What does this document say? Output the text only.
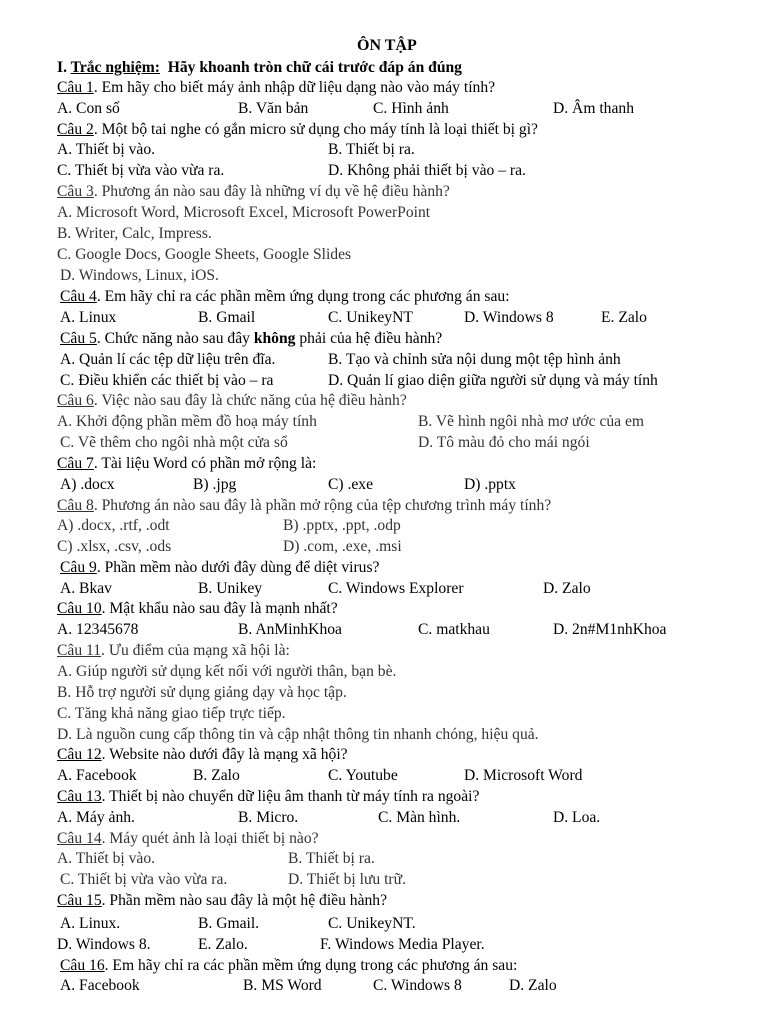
ÔN TẬP
I. Trắc nghiệm: Hãy khoanh tròn chữ cái trước đáp án đúng
Câu 1. Em hãy cho biết máy ảnh nhập dữ liệu dạng nào vào máy tính?
A. Con số	B. Văn bản	C. Hình ảnh	D. Âm thanh
Câu 2. Một bộ tai nghe có gắn micro sử dụng cho máy tính là loại thiết bị gì?
A. Thiết bị vào.	B. Thiết bị ra.
C. Thiết bị vừa vào vừa ra.	D. Không phải thiết bị vào – ra.
Câu 3. Phương án nào sau đây là những ví dụ về hệ điều hành?
A. Microsoft Word, Microsoft Excel, Microsoft PowerPoint
B. Writer, Calc, Impress.
C. Google Docs, Google Sheets, Google Slides
D. Windows, Linux, iOS.
Câu 4. Em hãy chỉ ra các phần mềm ứng dụng trong các phương án sau:
A. Linux	B. Gmail	C. UnikeyNT	D. Windows 8	E. Zalo
Câu 5. Chức năng nào sau đây không phải của hệ điều hành?
A. Quản lí các tệp dữ liệu trên đĩa.	B. Tạo và chỉnh sửa nội dung một tệp hình ảnh
C. Điều khiển các thiết bị vào – ra	D. Quản lí giao diện giữa người sử dụng và máy tính
Câu 6. Việc nào sau đây là chức năng của hệ điều hành?
A. Khởi động phần mềm đồ hoạ máy tính	B. Vẽ hình ngôi nhà mơ ước của em
C. Vẽ thêm cho ngôi nhà một cửa sổ	D. Tô màu đỏ cho mái ngói
Câu 7. Tài liệu Word có phần mở rộng là:
A) .docx	B) .jpg	C) .exe	D) .pptx
Câu 8. Phương án nào sau đây là phần mở rộng của tệp chương trình máy tính?
A) .docx, .rtf, .odt	B) .pptx, .ppt, .odp
C) .xlsx, .csv, .ods	D) .com, .exe, .msi
Câu 9. Phần mềm nào dưới đây dùng để diệt virus?
A. Bkav	B. Unikey	C. Windows Explorer	D. Zalo
Câu 10. Mật khẩu nào sau đây là mạnh nhất?
A. 12345678	B. AnMinhKhoa	C. matkhau	D. 2n#M1nhKhoa
Câu 11. Ưu điểm của mạng xã hội là:
A. Giúp người sử dụng kết nối với người thân, bạn bè.
B. Hỗ trợ người sử dụng giảng dạy và học tập.
C. Tăng khả năng giao tiếp trực tiếp.
D. Là nguồn cung cấp thông tin và cập nhật thông tin nhanh chóng, hiệu quả.
Câu 12. Website nào dưới đây là mạng xã hội?
A. Facebook	B. Zalo	C. Youtube	D. Microsoft Word
Câu 13. Thiết bị nào chuyển dữ liệu âm thanh từ máy tính ra ngoài?
A. Máy ảnh.	B. Micro.	C. Màn hình.	D. Loa.
Câu 14. Máy quét ảnh là loại thiết bị nào?
A. Thiết bị vào.	B. Thiết bị ra.
C. Thiết bị vừa vào vừa ra.	D. Thiết bị lưu trữ.
Câu 15. Phần mềm nào sau đây là một hệ điều hành?
A. Linux.	B. Gmail.	C. UnikeyNT.
D. Windows 8.	E. Zalo.	F. Windows Media Player.
Câu 16. Em hãy chỉ ra các phần mềm ứng dụng trong các phương án sau:
A. Facebook	B. MS Word	C. Windows 8	D. Zalo
